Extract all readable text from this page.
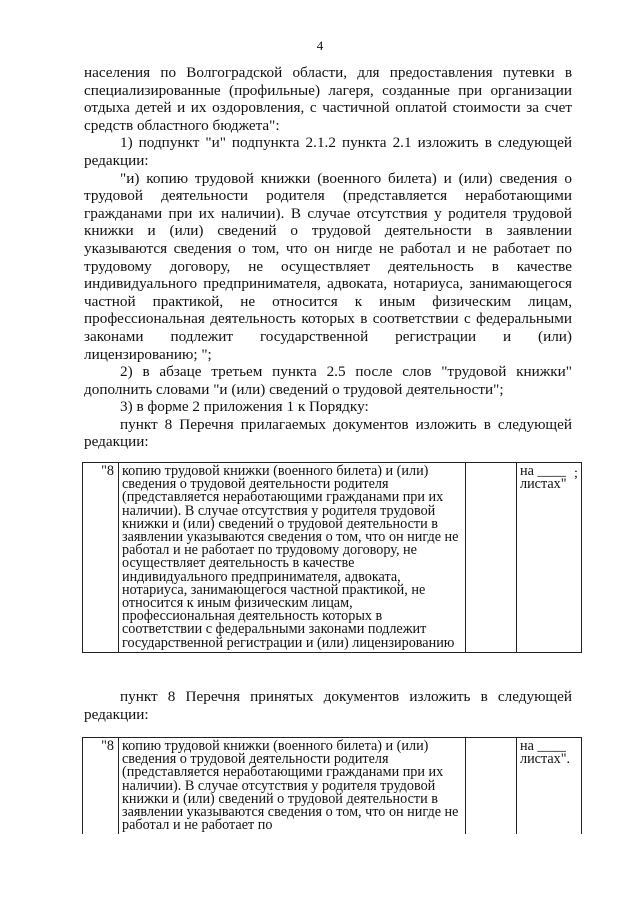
4

населения по Волгоградской области, для предоставления путевки в специализированные (профильные) лагеря, созданные при организации отдыха детей и их оздоровления, с частичной оплатой стоимости за счет средств областного бюджета":

1) подпункт "и" подпункта 2.1.2 пункта 2.1 изложить в следующей редакции:

"и) копию трудовой книжки (военного билета) и (или) сведения о трудовой деятельности родителя (представляется неработающими гражданами при их наличии). В случае отсутствия у родителя трудовой книжки и (или) сведений о трудовой деятельности в заявлении указываются сведения о том, что он нигде не работал и не работает по трудовому договору, не осуществляет деятельность в качестве индивидуального предпринимателя, адвоката, нотариуса, занимающегося частной практикой, не относится к иным физическим лицам, профессиональная деятельность которых в соответствии с федеральными законами подлежит государственной регистрации и (или) лицензированию; ";

2) в абзаце третьем пункта 2.5 после слов "трудовой книжки" дополнить словами "и (или) сведений о трудовой деятельности";

3) в форме 2 приложения 1 к Порядку:

пункт 8 Перечня прилагаемых документов изложить в следующей редакции:

"8	копию трудовой книжки (военного билета) и (или) сведения о трудовой деятельности родителя (представляется неработающими гражданами при их наличии). В случае отсутствия у родителя трудовой книжки и (или) сведений о трудовой деятельности в заявлении указываются сведения о том, что он нигде не работал и не работает по трудовому договору, не осуществляет деятельность в качестве индивидуального предпринимателя, адвоката, нотариуса, занимающегося частной практикой, не относится к иным физическим лицам, профессиональная деятельность которых в соответствии с федеральными законами подлежит государственной регистрации и (или) лицензированию		на ____ листах"
;

пункт 8 Перечня принятых документов изложить в следующей редакции:

"8	копию трудовой книжки (военного билета) и (или) сведения о трудовой деятельности родителя (представляется неработающими гражданами при их наличии). В случае отсутствия у родителя трудовой книжки и (или) сведений о трудовой деятельности в заявлении указываются сведения о том, что он нигде не работал и не работает по		на ____ листах".
